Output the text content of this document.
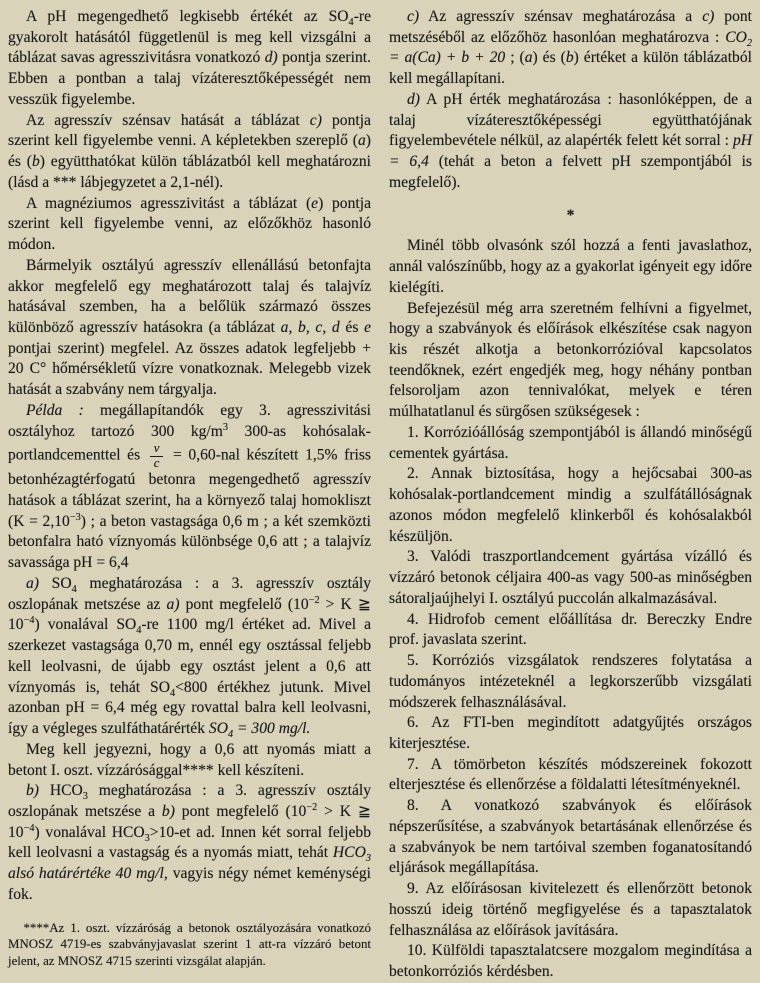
A pH megengedhető legkisebb értékét az $SO_4-re$ gyakorolt hatásától függetlenül is meg kell vizsgálni a táblázat savas agresszivitásra vonatkozó d) pontja szerint. Ebben a pontban a talaj vízáteresztőképességét nem vesszük figyelembe.

Az agresszív szénsav hatását a táblázat c) pontja szerint kell figyelembe venni. A képletekben szereplő (a) és (b) együtthatókat külön táblázatból kell meghatározni (lásd a *** lábjegyzetet a 2,1-nél).

A magnéziumos agresszivitást a táblázat (e) pontja szerint kell figyelembe venni, az előzőkhöz hasonló módon.

Bármelyik osztályú agresszív ellenállású betonfajta akkor megfelelő egy meghatározott talaj és talajvíz hatásával szemben, ha a belőlük származó összes különböző agresszív hatásokra (a táblázat a, b, c, d és e pontjai szerint) megfelel. Az összes adatok legfeljebb + 20 C° hőmérsékletű vízre vonatkoznak. Melegebb vizek hatását a szabvány nem tárgyalja.

Példa : megállapítandók egy 3. agresszivitási osztályhoz tartozó 300 $kg/m^3$ 300-as kohósalak-portlandcementtel és $\frac{v}{c} = 0,60-nal$ készített 1,5% friss betonhézagtérfogatú betonra megengedhető agresszív hatások a táblázat szerint, ha a környező talaj homokliszt $(K = 2,10^{-3})$ ; a beton vastagsága 0,6 m ; a két szemközti betonfalra ható víznyomás különbsége 0,6 att ; a talajvíz savassága pH = 6,4

a) $SO_4$ meghatározása : a 3. agresszív osztály oszlopának metszése az a) pont megfelelő ($10^{-2} > K$ ≧ $10^{-4}$) vonalával $SO_4-re$ 1100 mg/l értéket ad. Mivel a szerkezet vastagsága 0,70 m, ennél egy osztással feljebb kell leolvasni, de újabb egy osztást jelent a 0,6 att víznyomás is, tehát $SO_4<800$ értékhez jutunk. Mivel azonban pH = 6,4 még egy rovattal balra kell leolvasni, így a végleges szulfáthatárérték $SO_4 = 300$ mg/l.

Meg kell jegyezni, hogy a 0,6 att nyomás miatt a betont I. oszt. vízzárósággal**** kell készíteni.

b) $HCO_3$ meghatározása : a 3. agresszív osztály oszlopának metszése a b) pont megfelelő ($10^{-2} > K$ ≧ $10^{-4}$) vonalával $HCO_3>10-et$ ad. Innen két sorral feljebb kell leolvasni a vastagság és a nyomás miatt, tehát $HCO_3$ alsó határértéke 40 mg/l, vagyis négy német keménységi fok.

****Az 1. oszt. vízzáróság a betonok osztályozására vonatkozó MNOSZ 4719-es szabványjavaslat szerint 1 att-ra vízzáró betont jelent, az MNOSZ 4715 szerinti vizsgálat alapján.

c) Az agresszív szénsav meghatározása a c) pont metszéséből az előzőhöz hasonlóan meghatározva : $CO_2 = a(Ca) + b + 20$ ; (a) és (b) értéket a külön táblázatból kell megállapítani.

d) A pH érték meghatározása : hasonlóképpen, de a talaj vízáteresztőképességi együtthatójának figyelembevétele nélkül, az alapérték felett két sorral : pH = 6,4 (tehát a beton a felvett pH szempontjából is megfelelő).

*

Minél több olvasónk szól hozzá a fenti javaslathoz, annál valószínűbb, hogy az a gyakorlat igényeit egy időre kielégíti.

Befejezésül még arra szeretném felhívni a figyelmet, hogy a szabványok és előírások elkészítése csak nagyon kis részét alkotja a betonkorrózióval kapcsolatos teendőknek, ezért engedjék meg, hogy néhány pontban felsoroljam azon tennivalókat, melyek e téren múlhatatlanul és sürgősen szükségesek :

1. Korrózióállóság szempontjából is állandó minőségű cementek gyártása.

2. Annak biztosítása, hogy a hejőcsabai 300-as kohósalak-portlandcement mindig a szulfátállóságnak azonos módon megfelelő klinkerből és kohósalakból készüljön.

3. Valódi traszportlandcement gyártása vízálló és vízzáró betonok céljaira 400-as vagy 500-as minőségben sátoraljaújhelyi I. osztályú puccolán alkalmazásával.

4. Hidrofob cement előállítása dr. Bereczky Endre prof. javaslata szerint.

5. Korróziós vizsgálatok rendszeres folytatása a tudományos intézeteknél a legkorszerűbb vizsgálati módszerek felhasználásával.

6. Az FTI-ben megindított adatgyűjtés országos kiterjesztése.

7. A tömörbeton készítés módszereinek fokozott elterjesztése és ellenőrzése a földalatti létesítményeknél.

8. A vonatkozó szabványok és előírások népszerűsítése, a szabványok betartásának ellenőrzése és a szabványok be nem tartóival szemben foganatosítandó eljárások megállapítása.

9. Az előírásosan kivitelezett és ellenőrzött betonok hosszú ideig történő megfigyelése és a tapasztalatok felhasználása az előírások javítására.

10. Külföldi tapasztalatcsere mozgalom megindítása a betonkorróziós kérdésben.
